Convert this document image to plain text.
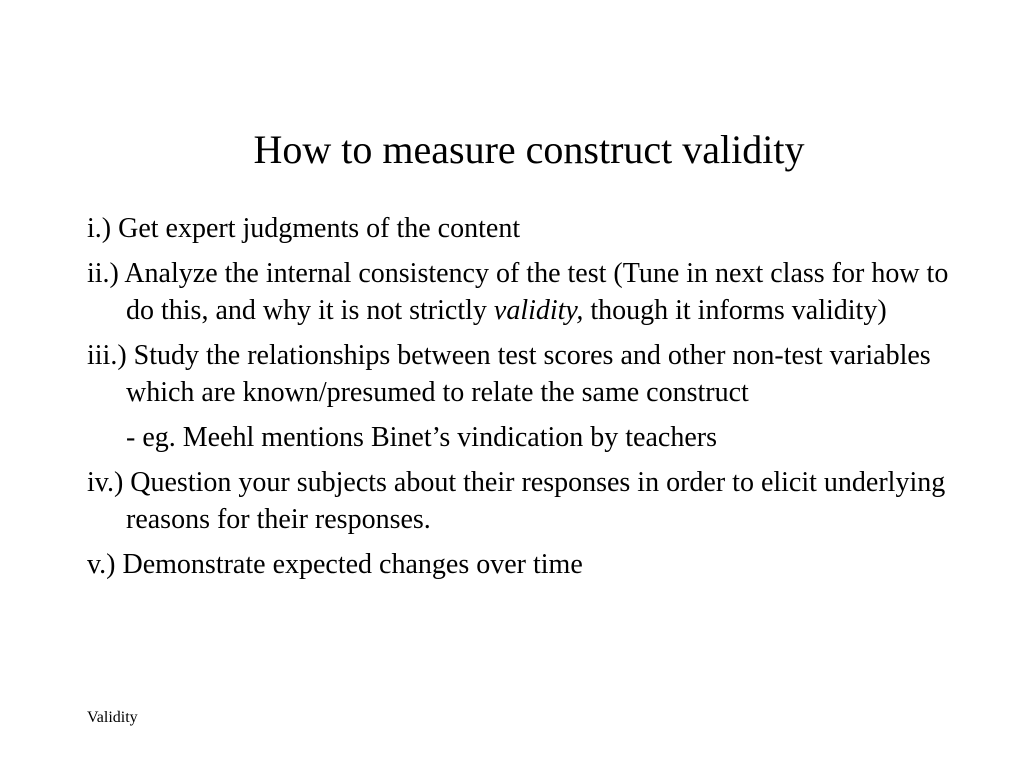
How to measure construct validity

i.) Get expert judgments of the content

ii.) Analyze the internal consistency of the test (Tune in next class for how to do this, and why it is not strictly validity, though it informs validity)

iii.) Study the relationships between test scores and other non-test variables which are known/presumed to relate the same construct

- eg. Meehl mentions Binet’s vindication by teachers

iv.) Question your subjects about their responses in order to elicit underlying reasons for their responses.

v.) Demonstrate expected changes over time

Validity
